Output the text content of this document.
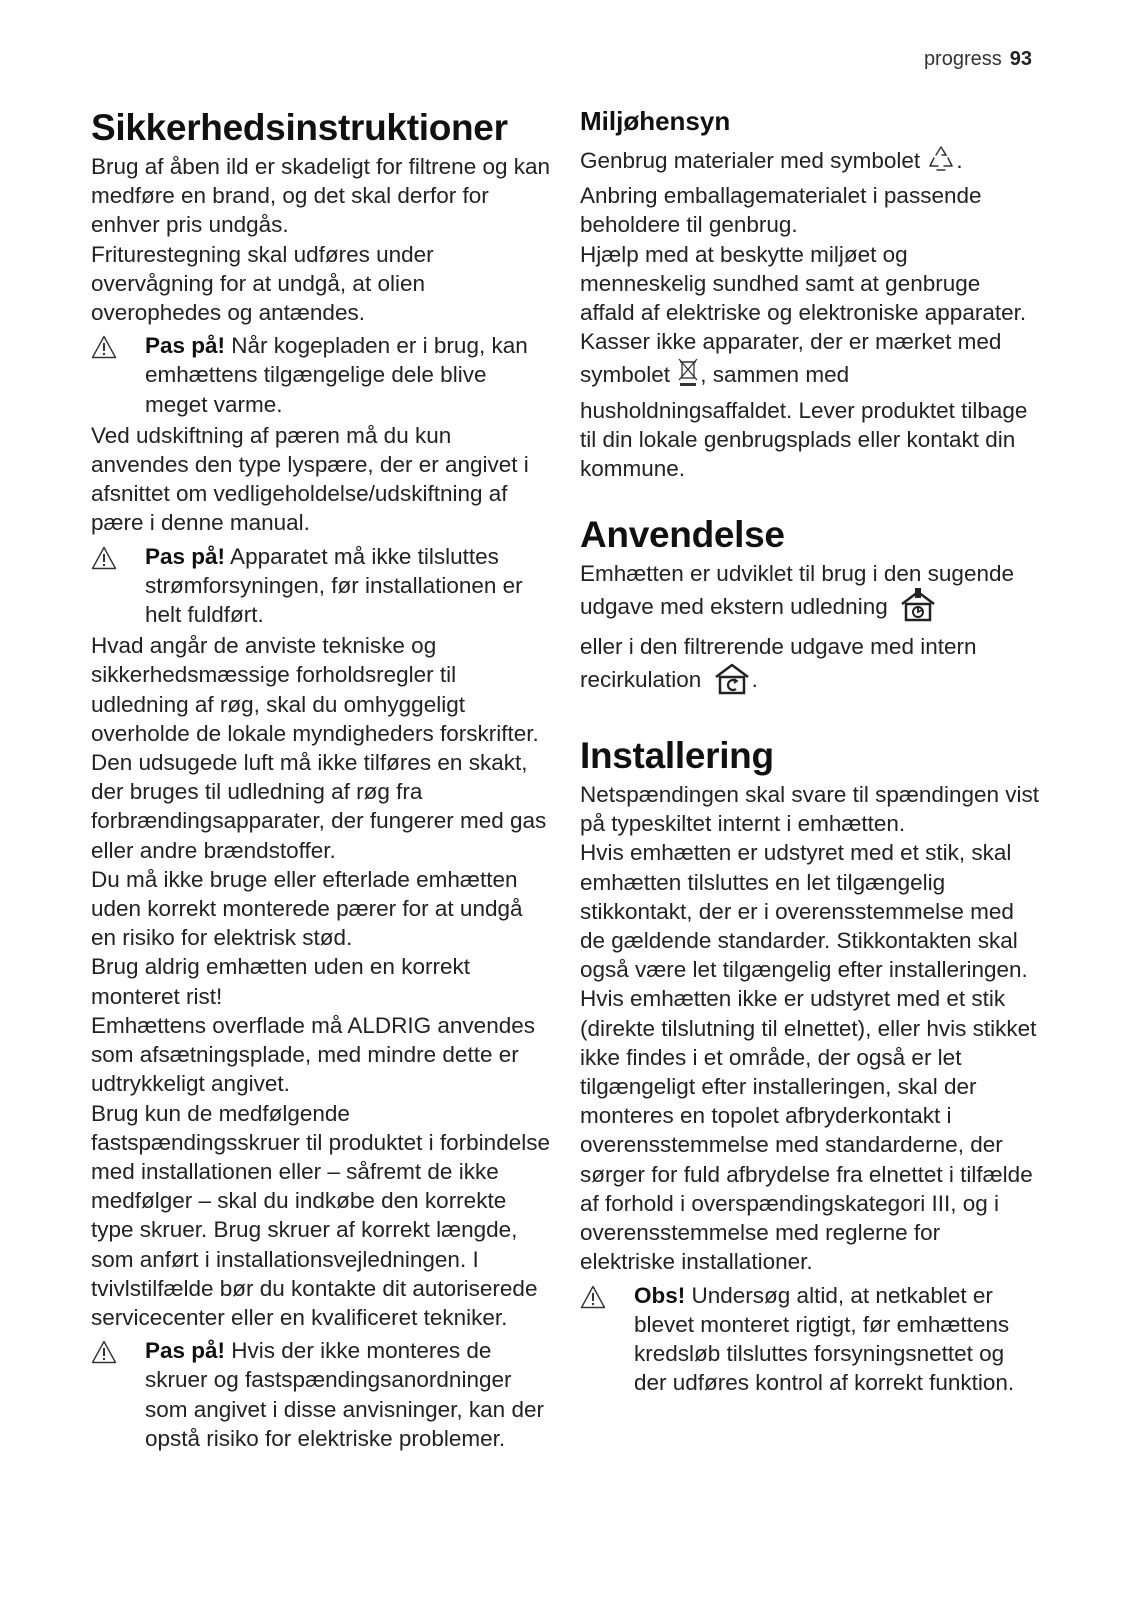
progress 93
Sikkerhedsinstruktioner

Brug af åben ild er skadeligt for filtrene og kan medføre en brand, og det skal derfor for enhver pris undgås.

Friturestegning skal udføres under overvågning for at undgå, at olien overophedes og antændes.

Pas på! Når kogepladen er i brug, kan emhættens tilgængelige dele blive meget varme.

Ved udskiftning af pæren må du kun anvendes den type lyspære, der er angivet i afsnittet om vedligeholdelse/udskiftning af pære i denne manual.

Pas på! Apparatet må ikke tilsluttes strømforsyningen, før installationen er helt fuldført.

Hvad angår de anviste tekniske og sikkerhedsmæssige forholdsregler til udledning af røg, skal du omhyggeligt overholde de lokale myndigheders forskrifter.

Den udsugede luft må ikke tilføres en skakt, der bruges til udledning af røg fra forbrændingsapparater, der fungerer med gas eller andre brændstoffer.

Du må ikke bruge eller efterlade emhætten uden korrekt monterede pærer for at undgå en risiko for elektrisk stød.

Brug aldrig emhætten uden en korrekt monteret rist!

Emhættens overflade må ALDRIG anvendes som afsætningsplade, med mindre dette er udtrykkeligt angivet.

Brug kun de medfølgende fastspændingsskruer til produktet i forbindelse med installationen eller – såfremt de ikke medfølger – skal du indkøbe den korrekte type skruer. Brug skruer af korrekt længde, som anført i installationsvejledningen. I tvivlstilfælde bør du kontakte dit autoriserede servicecenter eller en kvalificeret tekniker.

Pas på! Hvis der ikke monteres de skruer og fastspændingsanordninger som angivet i disse anvisninger, kan der opstå risiko for elektriske problemer.
Miljøhensyn

Genbrug materialer med symbolet . Anbring emballagematerialet i passende beholdere til genbrug.

Hjælp med at beskytte miljøet og menneskelig sundhed samt at genbruge affald af elektriske og elektroniske apparater. Kasser ikke apparater, der er mærket med symbolet , sammen med husholdningsaffaldet. Lever produktet tilbage til din lokale genbrugsplads eller kontakt din kommune.

Anvendelse

Emhætten er udviklet til brug i den sugende udgave med ekstern udledning
eller i den filtrerende udgave med intern recirkulation .

Installering

Netspændingen skal svare til spændingen vist på typeskiltet internt i emhætten.

Hvis emhætten er udstyret med et stik, skal emhætten tilsluttes en let tilgængelig stikkontakt, der er i overensstemmelse med de gældende standarder. Stikkontakten skal også være let tilgængelig efter installeringen. Hvis emhætten ikke er udstyret med et stik (direkte tilslutning til elnettet), eller hvis stikket ikke findes i et område, der også er let tilgængeligt efter installeringen, skal der monteres en topolet afbryderkontakt i overensstemmelse med standarderne, der sørger for fuld afbrydelse fra elnettet i tilfælde af forhold i overspændingskategori III, og i overensstemmelse med reglerne for elektriske installationer.

Obs! Undersøg altid, at netkablet er blevet monteret rigtigt, før emhættens kredsløb tilsluttes forsyningsnettet og der udføres kontrol af korrekt funktion.
